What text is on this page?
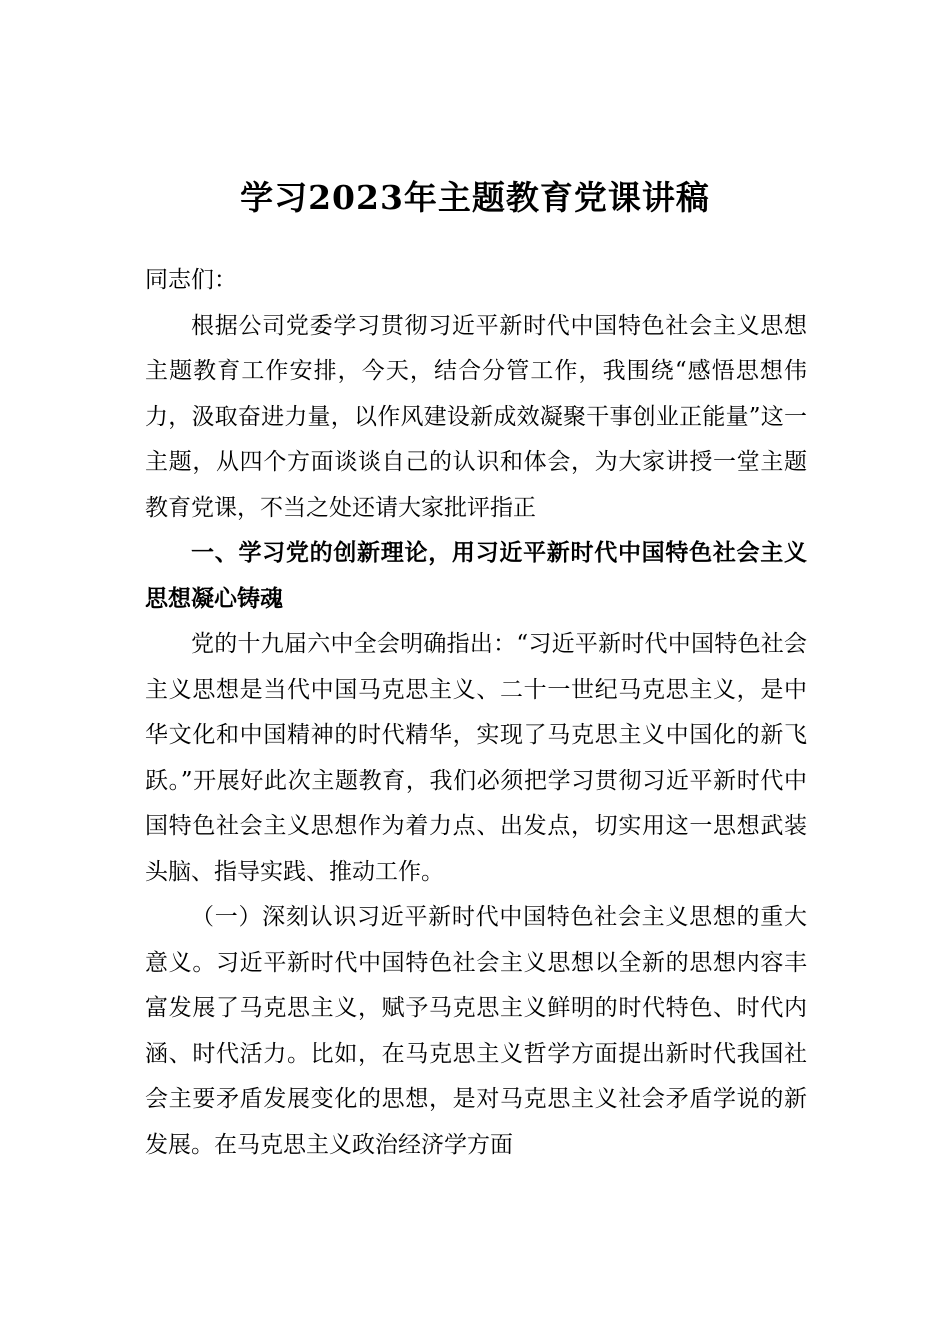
学习2023年主题教育党课讲稿

同志们：

根据公司党委学习贯彻习近平新时代中国特色社会主义思想主题教育工作安排，今天，结合分管工作，我围绕“感悟思想伟力，汲取奋进力量，以作风建设新成效凝聚干事创业正能量”这一主题，从四个方面谈谈自己的认识和体会，为大家讲授一堂主题教育党课，不当之处还请大家批评指正

一、学习党的创新理论，用习近平新时代中国特色社会主义思想凝心铸魂

党的十九届六中全会明确指出：“习近平新时代中国特色社会主义思想是当代中国马克思主义、二十一世纪马克思主义，是中华文化和中国精神的时代精华，实现了马克思主义中国化的新飞跃。”开展好此次主题教育，我们必须把学习贯彻习近平新时代中国特色社会主义思想作为着力点、出发点，切实用这一思想武装头脑、指导实践、推动工作。

（一）深刻认识习近平新时代中国特色社会主义思想的重大意义。习近平新时代中国特色社会主义思想以全新的思想内容丰富发展了马克思主义，赋予马克思主义鲜明的时代特色、时代内涵、时代活力。比如，在马克思主义哲学方面提出新时代我国社会主要矛盾发展变化的思想，是对马克思主义社会矛盾学说的新发展。在马克思主义政治经济学方面
